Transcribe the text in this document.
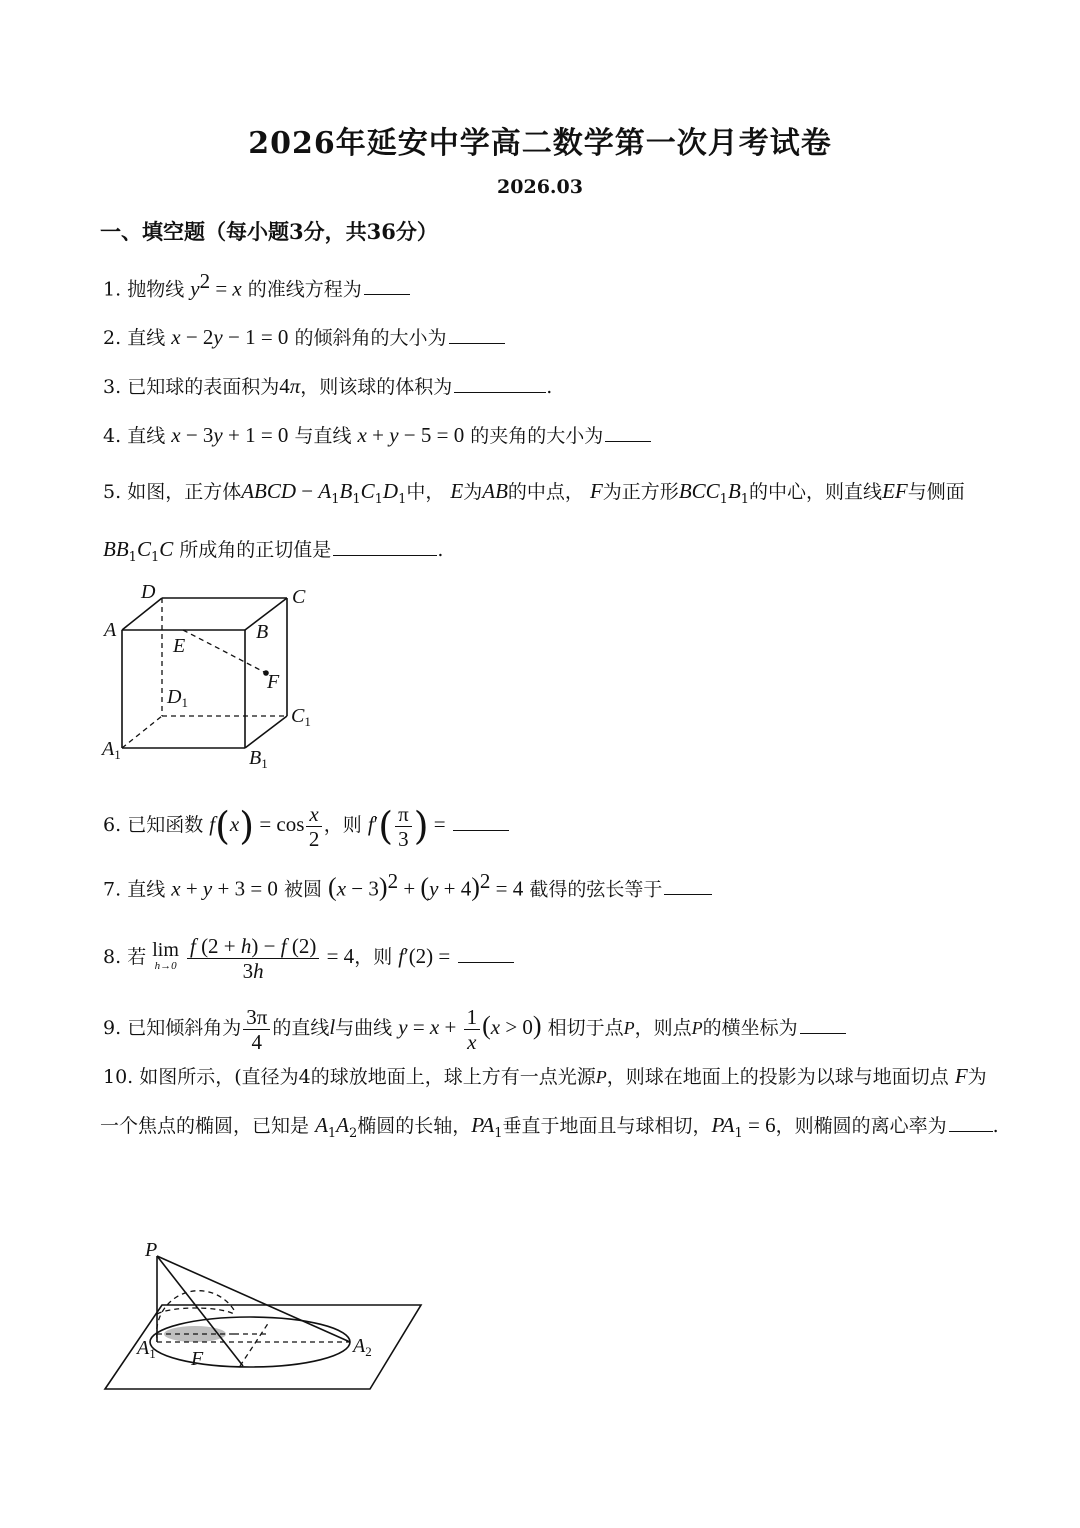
2026年延安中学高二数学第一次月考试卷
2026.03
一、填空题（每小题3分，共36分）
1. 抛物线 $y^2 = x$ 的准线方程为
2. 直线 x − 2y − 1 = 0 的倾斜角的大小为
3. 已知球的表面积为4π，则该球的体积为	.
4. 直线 x − 3y + 1 = 0 与直线 x + y − 5 = 0 的夹角的大小为
5. 如图，正方体ABCD − $A_1B_1C_1D_1$中， E为AB的中点， F为正方形$BCC_1B_1$的中心，则直线EF与侧面
$BB_1C_1C$ 所成角的正切值是	.
D	C
A	B
E
F
$D_1$
$C_1$
$A_1$	$B_1$
6. 已知函数 $f(x) = \cos \frac{x}{2}$ ，则 $f'( \frac{\pi}{3}$ ) =
7. 直线 x + y + 3 = 0 被圆 $(x - 3)^2 + (y + 4)^2 = 4$ 截得的弦长等于
8. 若 lim
h→0
$\frac{f (2 + h) - f (2)}{3h} = 4$，则 f′(2) =
9. 已知倾斜角为 $\frac{3\pi}{4}$ 的直线l与曲线 $y = x + \frac{1}{x} (x > 0)$ 相切于点P，则点P的横坐标为
10. 如图所示，(直径为4的球放地面上，球上方有一点光源P，则球在地面上的投影为以球与地面切点 F为
一个焦点的椭圆，已知是 $A_1A_2$椭圆的长轴，$PA_1$垂直于地面且与球相切，$PA_1 = 6$，则椭圆的离心率为 .
P
$A_1$	$A_2$
F
